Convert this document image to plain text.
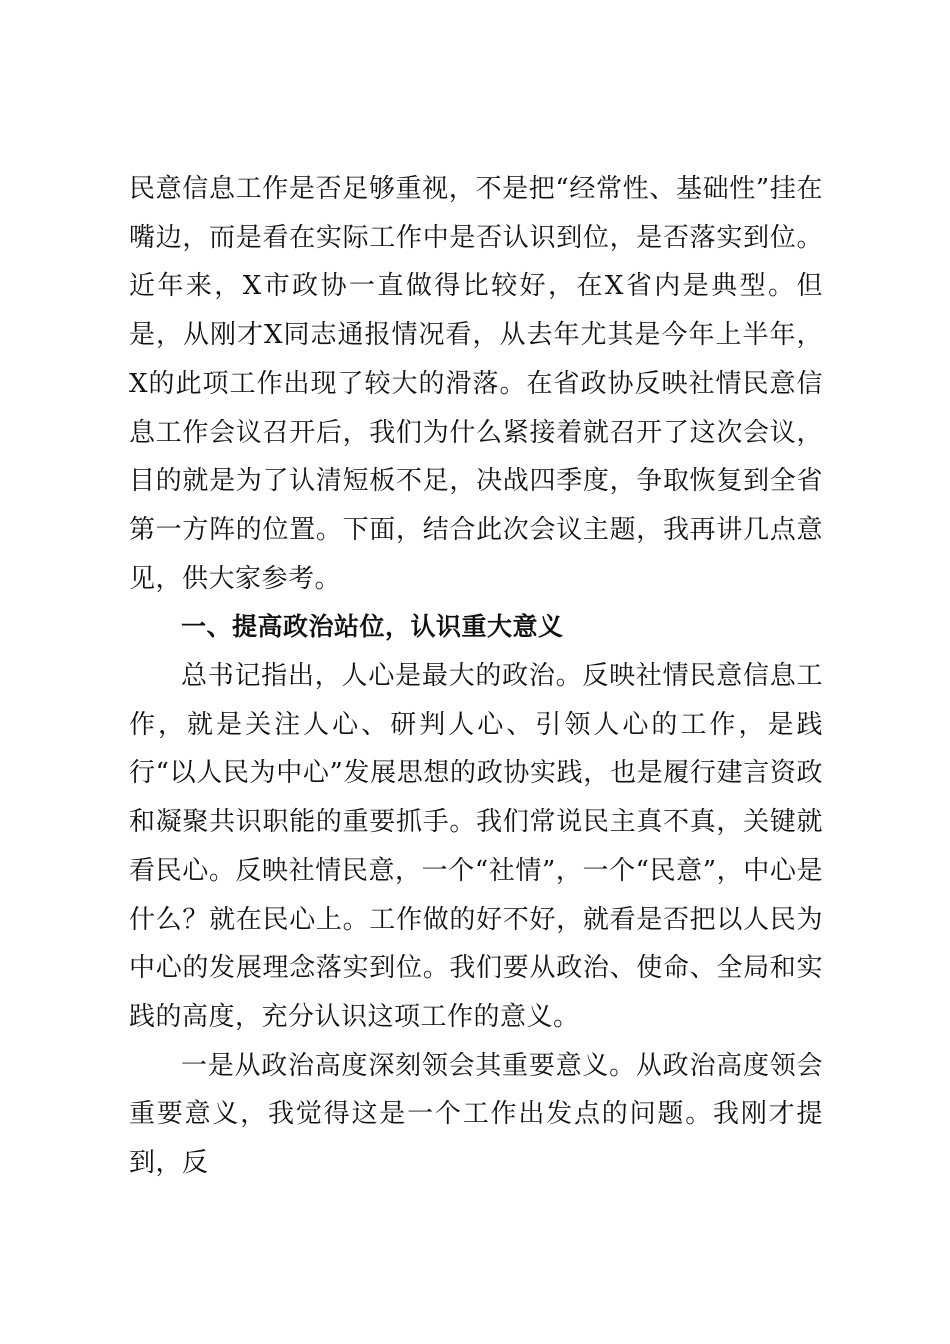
民意信息工作是否足够重视，不是把“经常性、基础性”挂在嘴边，而是看在实际工作中是否认识到位，是否落实到位。近年来，X市政协一直做得比较好，在X省内是典型。但是，从刚才X同志通报情况看，从去年尤其是今年上半年，X的此项工作出现了较大的滑落。在省政协反映社情民意信息工作会议召开后，我们为什么紧接着就召开了这次会议，目的就是为了认清短板不足，决战四季度，争取恢复到全省第一方阵的位置。下面，结合此次会议主题，我再讲几点意见，供大家参考。

一、提高政治站位，认识重大意义

总书记指出，人心是最大的政治。反映社情民意信息工作，就是关注人心、研判人心、引领人心的工作，是践行“以人民为中心”发展思想的政协实践，也是履行建言资政和凝聚共识职能的重要抓手。我们常说民主真不真，关键就看民心。反映社情民意，一个“社情”，一个“民意”，中心是什么？就在民心上。工作做的好不好，就看是否把以人民为中心的发展理念落实到位。我们要从政治、使命、全局和实践的高度，充分认识这项工作的意义。

一是从政治高度深刻领会其重要意义。从政治高度领会重要意义，我觉得这是一个工作出发点的问题。我刚才提到，反
